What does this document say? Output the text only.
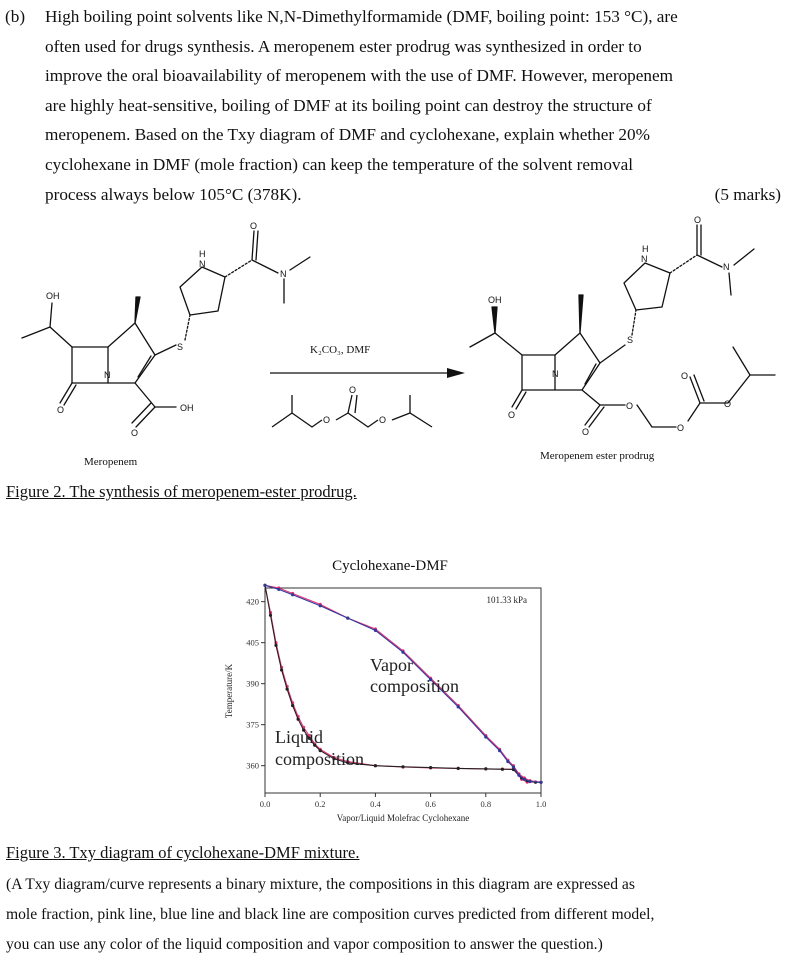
(b) High boiling point solvents like N,N-Dimethylformamide (DMF, boiling point: 153 °C), are
often used for drugs synthesis. A meropenem ester prodrug was synthesized in order to
improve the oral bioavailability of meropenem with the use of DMF. However, meropenem
are highly heat-sensitive, boiling of DMF at its boiling point can destroy the structure of
meropenem. Based on the Txy diagram of DMF and cyclohexane, explain whether 20%
cyclohexane in DMF (mole fraction) can keep the temperature of the solvent removal
process always below 105°C (378K).	(5 marks)
OH
N
O
O
OH
S
N
H
O
N
Meropenem
K₂CO₃, DMF
O
O
O
OH
N
O
O
O
O
O
O
S
N
H
O
N
Meropenem ester prodrug
Figure 2. The synthesis of meropenem-ester prodrug.
Cyclohexane-DMF
101.33 kPa
360
375
390
405
420
0.0	0.2	0.4	0.6	0.8	1.0
Temperature/K
Vapor/Liquid Molefrac Cyclohexane
Vapor
composition
Liquid
composition
Figure 3. Txy diagram of cyclohexane-DMF mixture.
(A Txy diagram/curve represents a binary mixture, the compositions in this diagram are expressed as
mole fraction, pink line, blue line and black line are composition curves predicted from different model,
you can use any color of the liquid composition and vapor composition to answer the question.)
